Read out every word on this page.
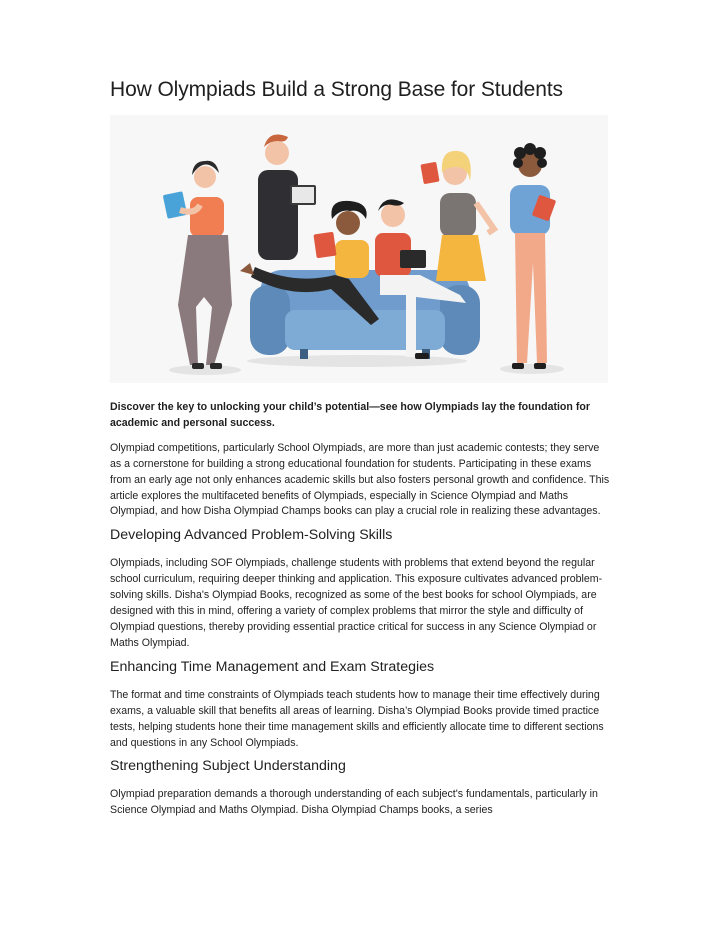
How Olympiads Build a Strong Base for Students

Discover the key to unlocking your child’s potential—see how Olympiads lay the foundation for academic and personal success.

Olympiad competitions, particularly School Olympiads, are more than just academic contests; they serve as a cornerstone for building a strong educational foundation for students. Participating in these exams from an early age not only enhances academic skills but also fosters personal growth and confidence. This article explores the multifaceted benefits of Olympiads, especially in Science Olympiad and Maths Olympiad, and how Disha Olympiad Champs books can play a crucial role in realizing these advantages.

Developing Advanced Problem-Solving Skills

Olympiads, including SOF Olympiads, challenge students with problems that extend beyond the regular school curriculum, requiring deeper thinking and application. This exposure cultivates advanced problem-solving skills. Disha's Olympiad Books, recognized as some of the best books for school Olympiads, are designed with this in mind, offering a variety of complex problems that mirror the style and difficulty of Olympiad questions, thereby providing essential practice critical for success in any Science Olympiad or Maths Olympiad.

Enhancing Time Management and Exam Strategies

The format and time constraints of Olympiads teach students how to manage their time effectively during exams, a valuable skill that benefits all areas of learning. Disha’s Olympiad Books provide timed practice tests, helping students hone their time management skills and efficiently allocate time to different sections and questions in any School Olympiads.

Strengthening Subject Understanding

Olympiad preparation demands a thorough understanding of each subject's fundamentals, particularly in Science Olympiad and Maths Olympiad. Disha Olympiad Champs books, a series
